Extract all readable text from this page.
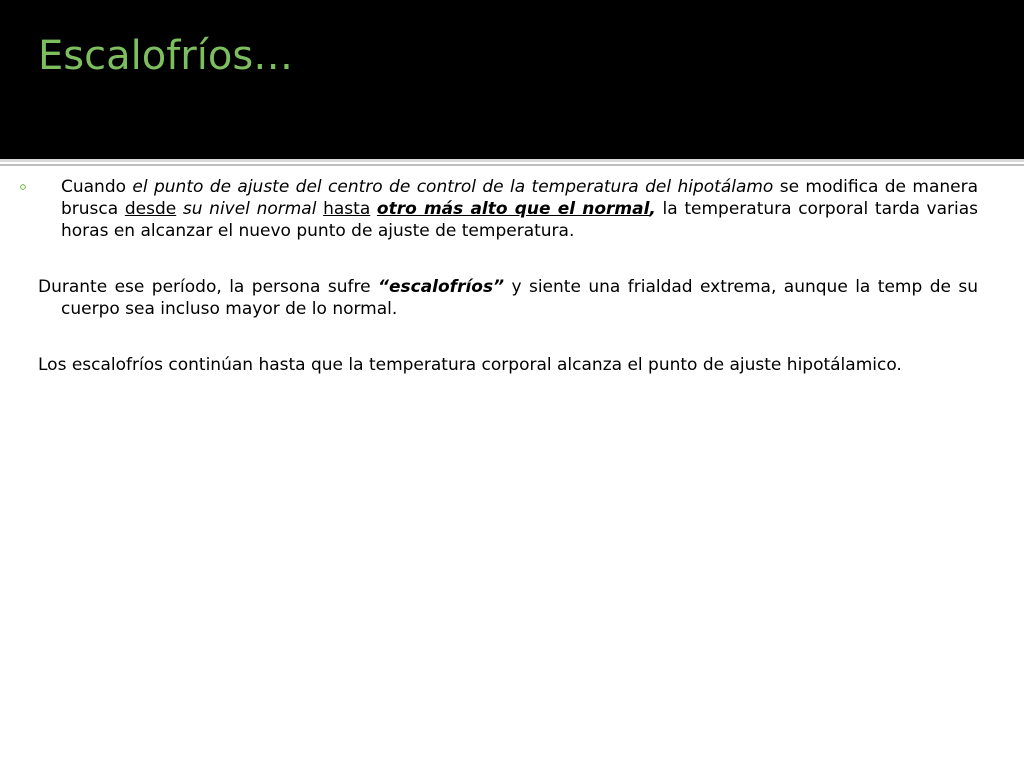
Escalofríos…

Cuando el punto de ajuste del centro de control de la temperatura del hipotálamo se modifica de manera brusca desde su nivel normal hasta otro más alto que el normal, la temperatura corporal tarda varias horas en alcanzar el nuevo punto de ajuste de temperatura.

Durante ese período, la persona sufre “escalofríos” y siente una frialdad extrema, aunque la temp de su cuerpo sea incluso mayor de lo normal.

Los escalofríos continúan hasta que la temperatura corporal alcanza el punto de ajuste hipotálamico.
